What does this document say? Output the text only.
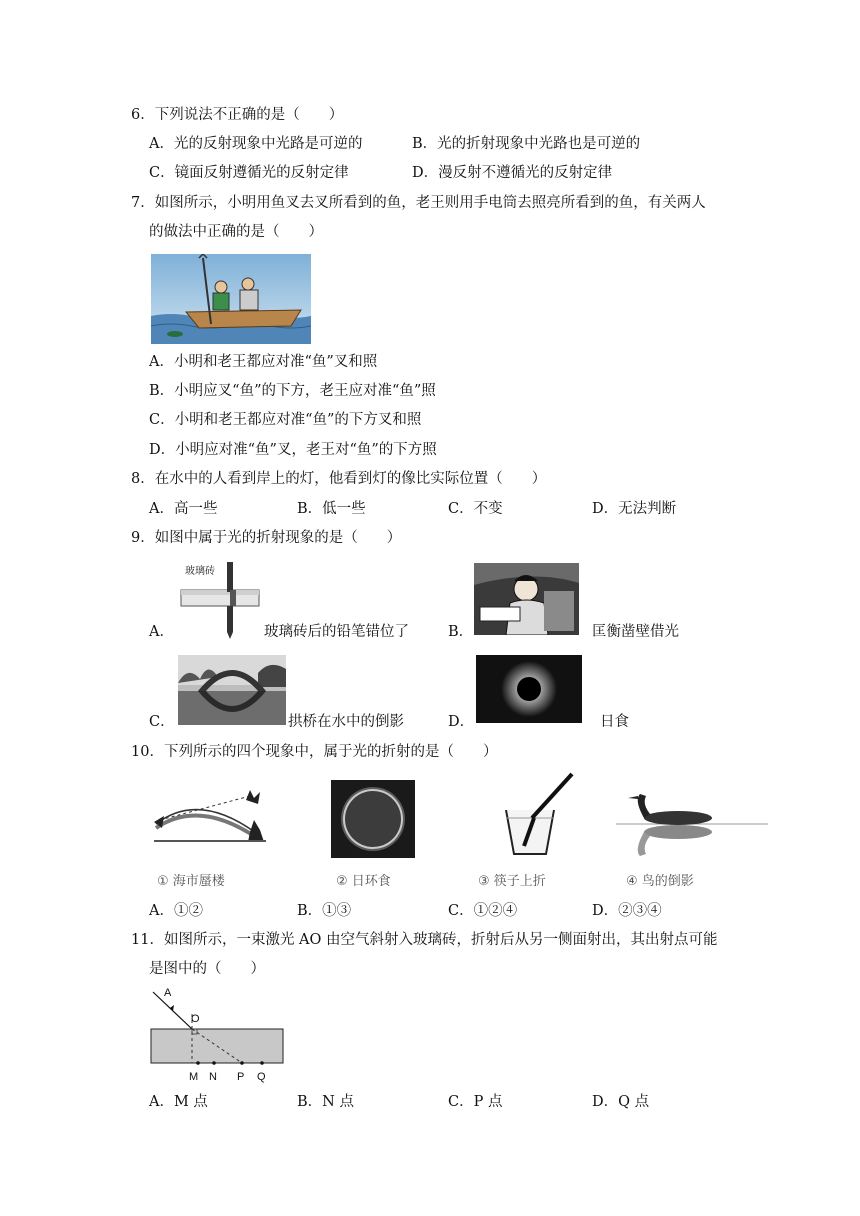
6．下列说法不正确的是（　　）
A．光的反射现象中光路是可逆的	B．光的折射现象中光路也是可逆的
C．镜面反射遵循光的反射定律	D．漫反射不遵循光的反射定律
7．如图所示，小明用鱼叉去叉所看到的鱼，老王则用手电筒去照亮所看到的鱼，有关两人
的做法中正确的是（　　）
A．小明和老王都应对准“鱼”叉和照
B．小明应叉“鱼”的下方，老王应对准“鱼”照
C．小明和老王都应对准“鱼”的下方叉和照
D．小明应对准“鱼”叉，老王对“鱼”的下方照
8．在水中的人看到岸上的灯，他看到灯的像比实际位置（　　）
A．高一些	B．低一些	C．不变	D．无法判断
9．如图中属于光的折射现象的是（　　）
玻璃砖
A．	玻璃砖后的铅笔错位了	B．	匡衡凿壁借光
C．	拱桥在水中的倒影	D．	日食
10．下列所示的四个现象中，属于光的折射的是（　　）
① 海市蜃楼	② 日环食	③ 筷子上折	④ 鸟的倒影
A．①②	B．①③	C．①②④	D．②③④
11．如图所示，一束激光 AO 由空气斜射入玻璃砖，折射后从另一侧面射出，其出射点可能
是图中的（　　）
A
O
M N P Q
A．M 点	B．N 点	C．P 点	D．Q 点
